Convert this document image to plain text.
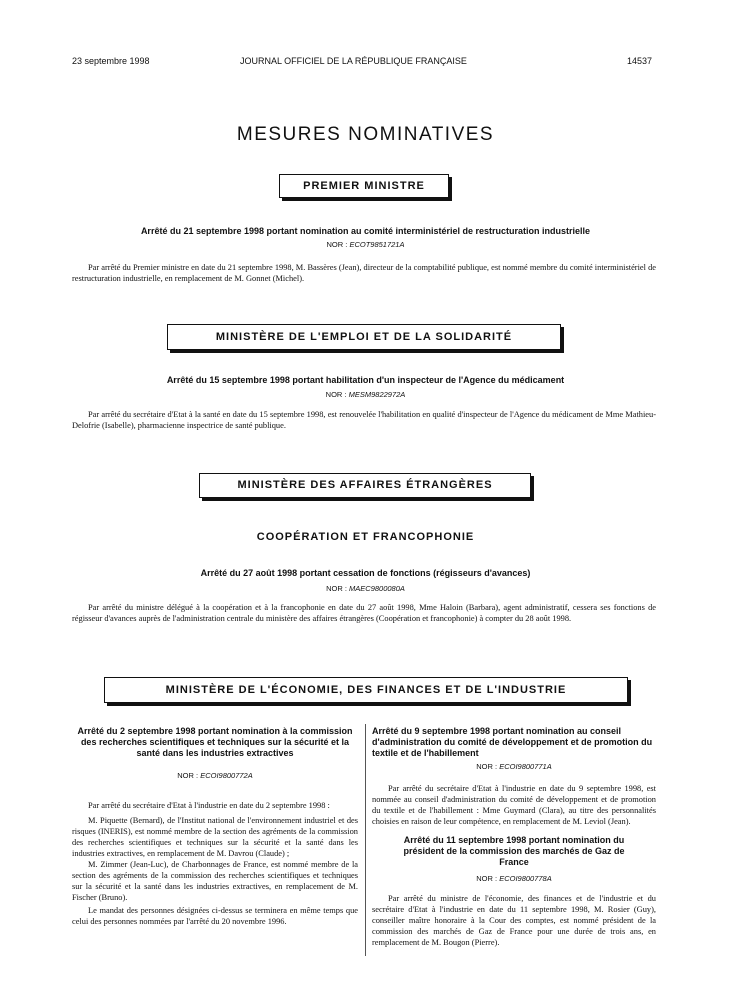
23 septembre 1998	JOURNAL OFFICIEL DE LA RÉPUBLIQUE FRANÇAISE	14537
MESURES NOMINATIVES
PREMIER MINISTRE
Arrêté du 21 septembre 1998 portant nomination au comité interministériel de restructuration industrielle
NOR : ECOT9851721A

Par arrêté du Premier ministre en date du 21 septembre 1998, M. Bassères (Jean), directeur de la comptabilité publique, est nommé membre du comité interministériel de restructuration industrielle, en remplacement de M. Gonnet (Michel).

MINISTÈRE DE L'EMPLOI ET DE LA SOLIDARITÉ
Arrêté du 15 septembre 1998 portant habilitation d'un inspecteur de l'Agence du médicament
NOR : MESM9822972A

Par arrêté du secrétaire d'Etat à la santé en date du 15 septembre 1998, est renouvelée l'habilitation en qualité d'inspecteur de l'Agence du médicament de Mme Mathieu-Delofrie (Isabelle), pharmacienne inspectrice de santé publique.

MINISTÈRE DES AFFAIRES ÉTRANGÈRES
COOPÉRATION ET FRANCOPHONIE
Arrêté du 27 août 1998 portant cessation de fonctions (régisseurs d'avances)
NOR : MAEC9800080A

Par arrêté du ministre délégué à la coopération et à la francophonie en date du 27 août 1998, Mme Haloin (Barbara), agent administratif, cessera ses fonctions de régisseur d'avances auprès de l'administration centrale du ministère des affaires étrangères (Coopération et francophonie) à compter du 28 août 1998.

MINISTÈRE DE L'ÉCONOMIE, DES FINANCES ET DE L'INDUSTRIE

Arrêté du 2 septembre 1998 portant nomination à la commission des recherches scientifiques et techniques sur la sécurité et la santé dans les industries extractives

NOR : ECOI9800772A

Par arrêté du secrétaire d'Etat à l'industrie en date du 2 septembre 1998 :

M. Piquette (Bernard), de l'Institut national de l'environnement industriel et des risques (INERIS), est nommé membre de la section des agréments de la commission des recherches scientifiques et techniques sur la sécurité et la santé dans les industries extractives, en remplacement de M. Davrou (Claude) ;

M. Zimmer (Jean-Luc), de Charbonnages de France, est nommé membre de la section des agréments de la commission des recherches scientifiques et techniques sur la sécurité et la santé dans les industries extractives, en remplacement de M. Fischer (Bruno).

Le mandat des personnes désignées ci-dessus se terminera en même temps que celui des personnes nommées par l'arrêté du 20 novembre 1996.

Arrêté du 9 septembre 1998 portant nomination au conseil d'administration du comité de développement et de promotion du textile et de l'habillement

NOR : ECOI9800771A

Par arrêté du secrétaire d'Etat à l'industrie en date du 9 septembre 1998, est nommée au conseil d'administration du comité de développement et de promotion du textile et de l'habillement : Mme Guymard (Clara), au titre des personnalités choisies en raison de leur compétence, en remplacement de M. Leviol (Jean).

Arrêté du 11 septembre 1998 portant nomination du président de la commission des marchés de Gaz de France

NOR : ECOI9800778A

Par arrêté du ministre de l'économie, des finances et de l'industrie et du secrétaire d'Etat à l'industrie en date du 11 septembre 1998, M. Rosier (Guy), conseiller maître honoraire à la Cour des comptes, est nommé président de la commission des marchés de Gaz de France pour une durée de trois ans, en remplacement de M. Bougon (Pierre).
